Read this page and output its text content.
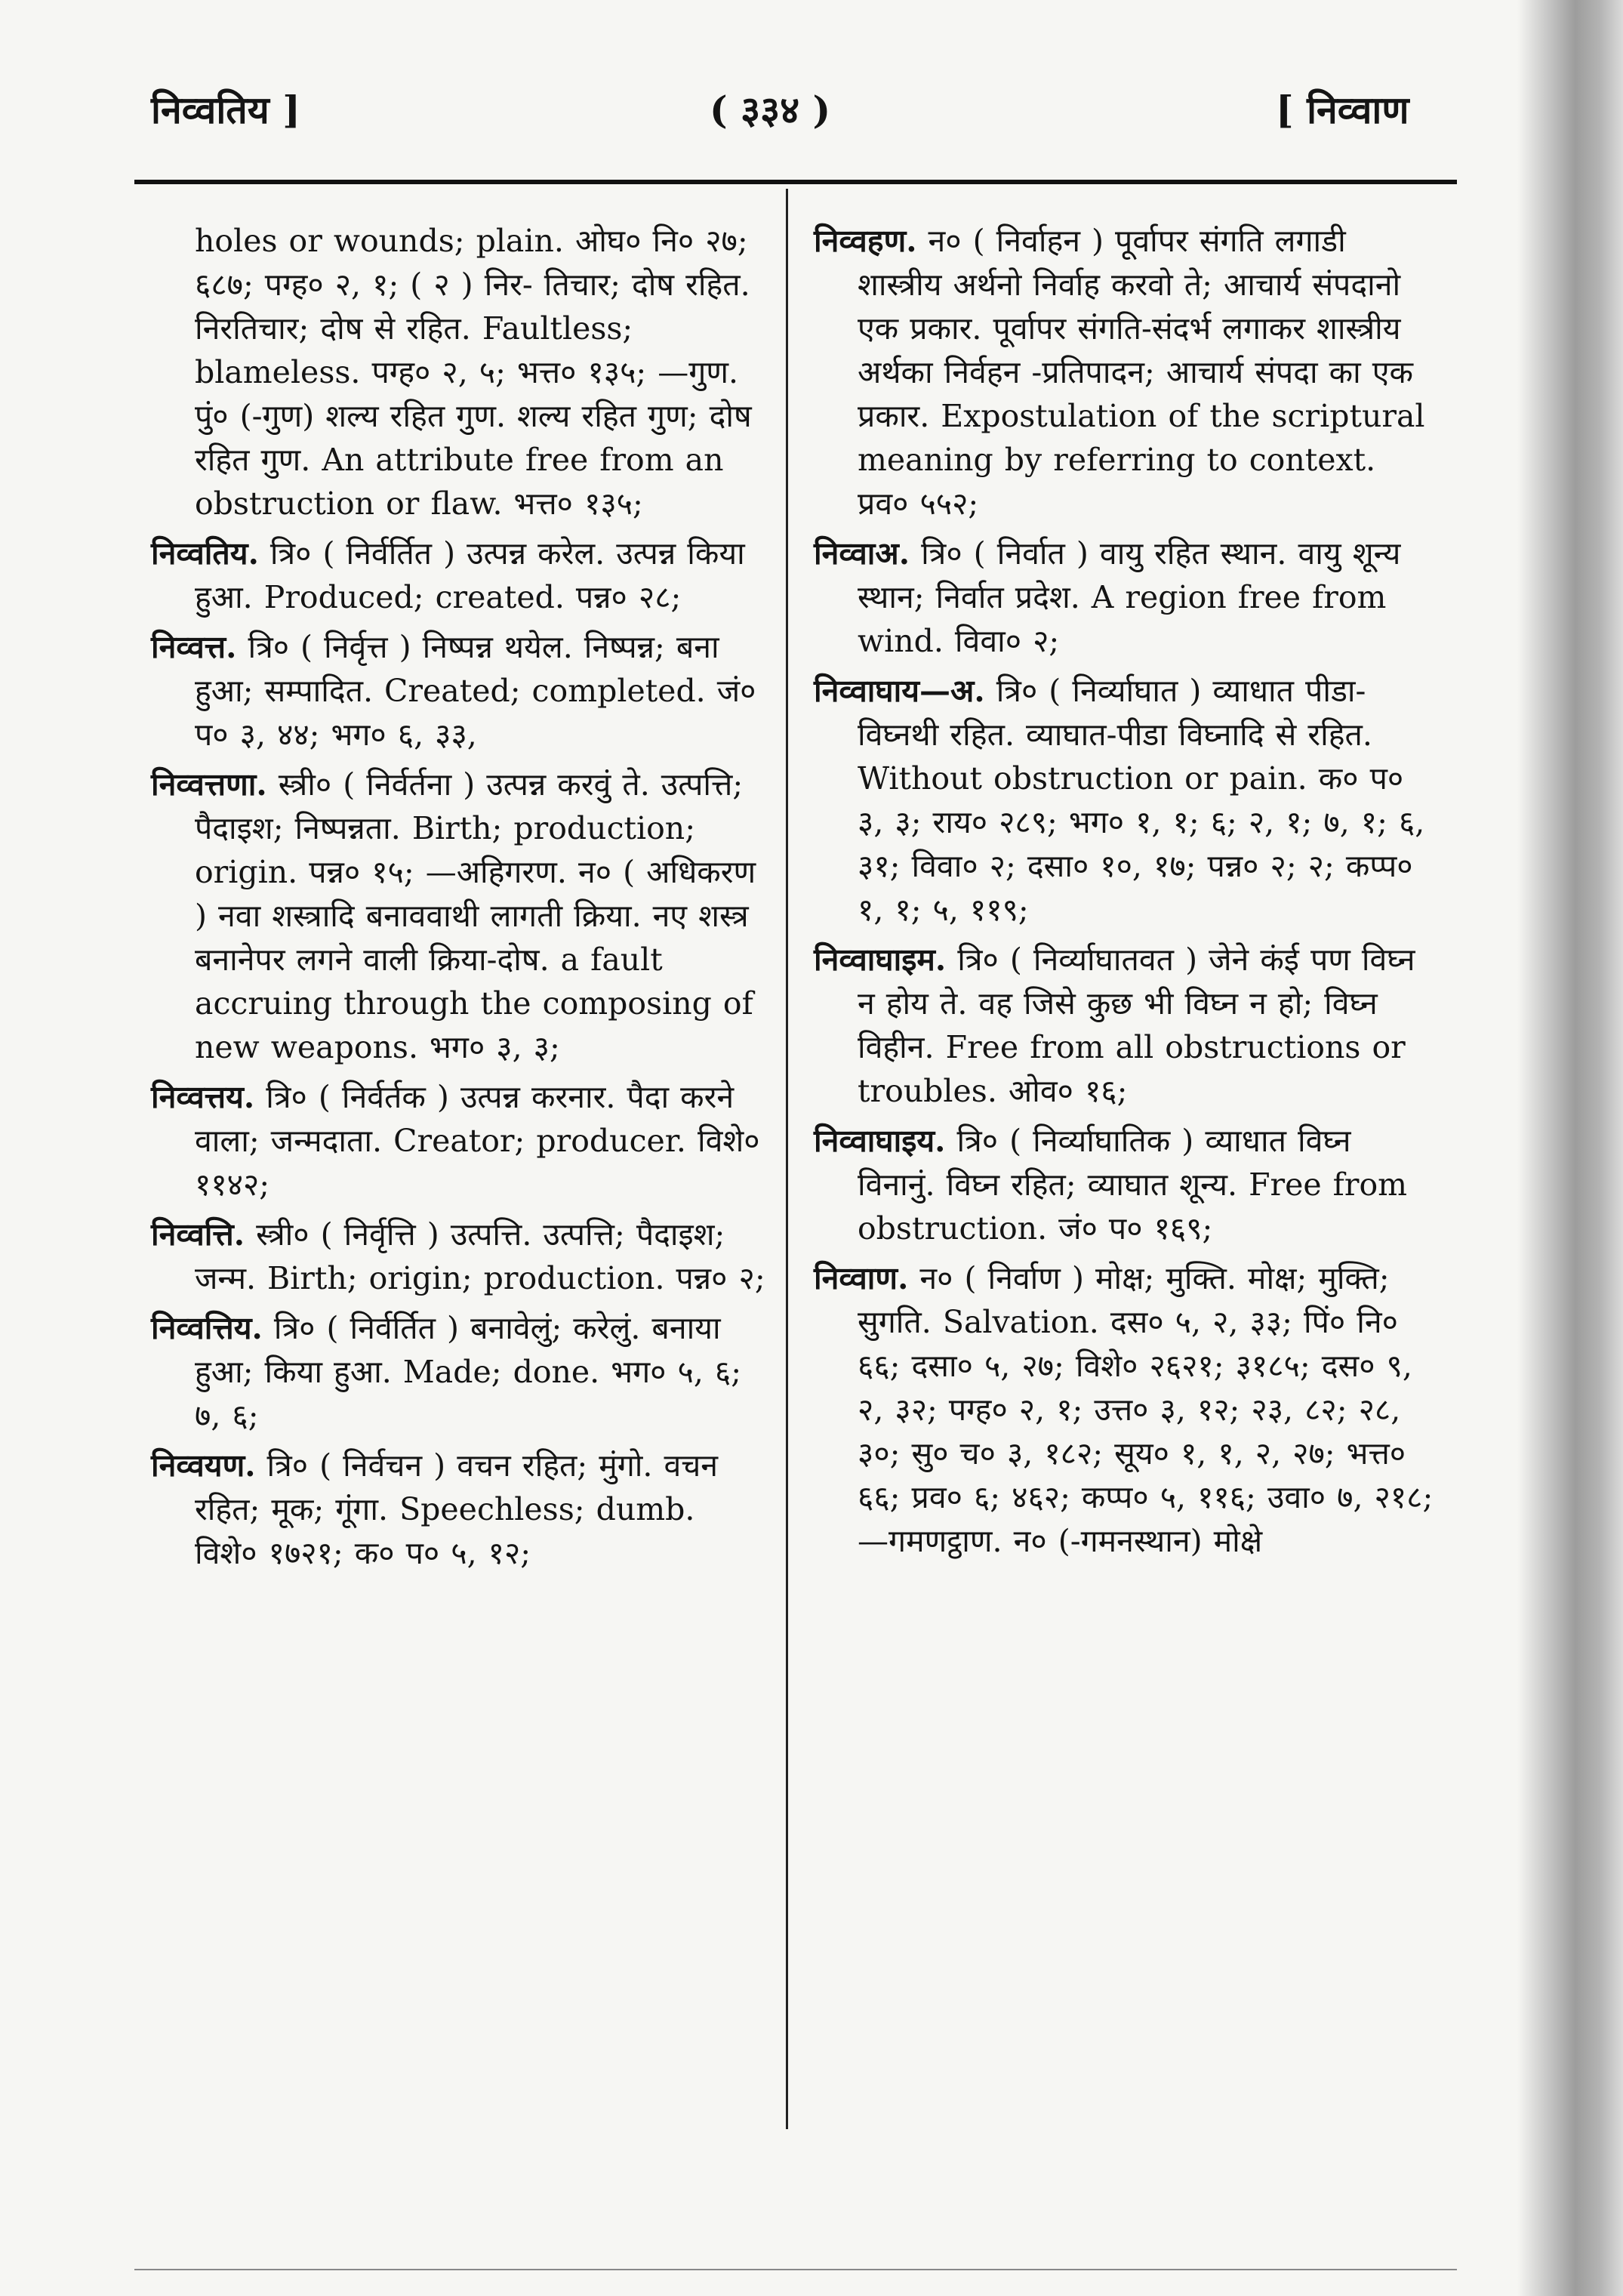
निव्वतिय ]	( ३३४ )	[ निव्वाण
holes or wounds; plain. ओघ० नि० २७; ६८७; पग्ह० २, १; ( २ ) निर- तिचार; दोष रहित. निरतिचार; दोष से रहित. Faultless; blameless. पग्ह० २, ५; भत्त० १३५; —गुण. पुं० (-गुण) शल्य रहित गुण. शल्य रहित गुण; दोष रहित गुण. An attribute free from an obstruction or flaw. भत्त० १३५;
निव्वतिय. त्रि० ( निर्वर्तित ) उत्पन्न करेल. उत्पन्न किया हुआ. Produced; created. पन्न० २८;
निव्वत्त. त्रि० ( निर्वृत्त ) निष्पन्न थयेल. निष्पन्न; बना हुआ; सम्पादित. Created; completed. जं० प० ३, ४४; भग० ६, ३३,
निव्वत्तणा. स्त्री० ( निर्वर्तना ) उत्पन्न करवुं ते. उत्पत्ति; पैदाइश; निष्पन्नता. Birth; production; origin. पन्न० १५; —अहिगरण. न० ( अधिकरण ) नवा शस्त्रादि बनाववाथी लागती क्रिया. नए शस्त्र बनानेपर लगने वाली क्रिया-दोष. a fault accruing through the composing of new weapons. भग० ३, ३;
निव्वत्तय. त्रि० ( निर्वर्तक ) उत्पन्न करनार. पैदा करने वाला; जन्मदाता. Creator; producer. विशे० ११४२;
निव्वत्ति. स्त्री० ( निर्वृत्ति ) उत्पत्ति. उत्पत्ति; पैदाइश; जन्म. Birth; origin; production. पन्न० २;
निव्वत्तिय. त्रि० ( निर्वर्तित ) बनावेलुं; करेलुं. बनाया हुआ; किया हुआ. Made; done. भग० ५, ६; ७, ६;
निव्वयण. त्रि० ( निर्वचन ) वचन रहित; मुंगो. वचन रहित; मूक; गूंगा. Speechless; dumb. विशे० १७२१; क० प० ५, १२;
निव्वहण. न० ( निर्वाहन ) पूर्वापर संगति लगाडी शास्त्रीय अर्थनो निर्वाह करवो ते; आचार्य संपदानो एक प्रकार. पूर्वापर संगति-संदर्भ लगाकर शास्त्रीय अर्थका निर्वहन -प्रतिपादन; आचार्य संपदा का एक प्रकार. Expostulation of the scriptural meaning by referring to context. प्रव० ५५२;
निव्वाअ. त्रि० ( निर्वात ) वायु रहित स्थान. वायु शून्य स्थान; निर्वात प्रदेश. A region free from wind. विवा० २;
निव्वाघाय—अ. त्रि० ( निर्व्याघात ) व्याधात पीडा-विघ्नथी रहित. व्याघात-पीडा विघ्नादि से रहित. Without obstruction or pain. क० प० ३, ३; राय० २८९; भग० १, १; ६; २, १; ७, १; ६, ३१; विवा० २; दसा० १०, १७; पन्न० २; २; कप्प० १, १; ५, ११९;
निव्वाघाइम. त्रि० ( निर्व्याघातवत ) जेने कंई पण विघ्न न होय ते. वह जिसे कुछ भी विघ्न न हो; विघ्न विहीन. Free from all obstructions or troubles. ओव० १६;
निव्वाघाइय. त्रि० ( निर्व्याघातिक ) व्याधात विघ्न विनानुं. विघ्न रहित; व्याघात शून्य. Free from obstruction. जं० प० १६९;
निव्वाण. न० ( निर्वाण ) मोक्ष; मुक्ति. मोक्ष; मुक्ति; सुगति. Salvation. दस० ५, २, ३३; पिं० नि० ६६; दसा० ५, २७; विशे० २६२१; ३१८५; दस० ९, २, ३२; पग्ह० २, १; उत्त० ३, १२; २३, ८२; २८, ३०; सु० च० ३, १८२; सूय० १, १, २, २७; भत्त० ६६; प्रव० ६; ४६२; कप्प० ५, ११६; उवा० ७, २१८; —गमणट्ठाण. न० (-गमनस्थान) मोक्षे
